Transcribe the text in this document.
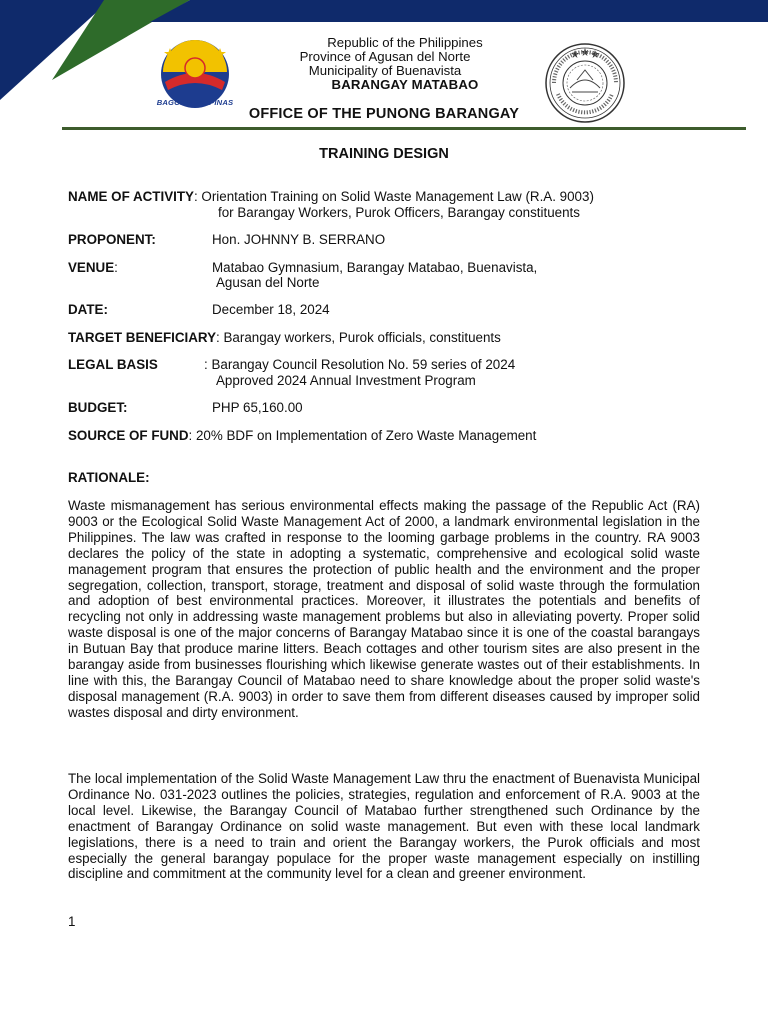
BAGONG PILIPINAS
Republic of the Philippines
Province of Agusan del Norte
Municipality of Buenavista
BARANGAY MATABAO
OFFICE OF THE PUNONG BARANGAY
TRAINING DESIGN
NAME OF ACTIVITY: Orientation Training on Solid Waste Management Law (R.A. 9003)
for Barangay Workers, Purok Officers, Barangay constituents
PROPONENT:	Hon. JOHNNY B. SERRANO
VENUE:	Matabao Gymnasium, Barangay Matabao, Buenavista,
Agusan del Norte
DATE:	December 18, 2024
TARGET BENEFICIARY: Barangay workers, Purok officials, constituents
LEGAL BASIS	: Barangay Council Resolution No. 59 series of 2024
Approved 2024 Annual Investment Program
BUDGET:	PHP 65,160.00
SOURCE OF FUND: 20% BDF on Implementation of Zero Waste Management
RATIONALE:
Waste mismanagement has serious environmental effects making the passage of the Republic Act (RA) 9003 or the Ecological Solid Waste Management Act of 2000, a landmark environmental legislation in the Philippines. The law was crafted in response to the looming garbage problems in the country. RA 9003 declares the policy of the state in adopting a systematic, comprehensive and ecological solid waste management program that ensures the protection of public health and the environment and the proper segregation, collection, transport, storage, treatment and disposal of solid waste through the formulation and adoption of best environmental practices. Moreover, it illustrates the potentials and benefits of recycling not only in addressing waste management problems but also in alleviating poverty. Proper solid waste disposal is one of the major concerns of Barangay Matabao since it is one of the coastal barangays in Butuan Bay that produce marine litters. Beach cottages and other tourism sites are also present in the barangay aside from businesses flourishing which likewise generate wastes out of their establishments. In line with this, the Barangay Council of Matabao need to share knowledge about the proper solid waste's disposal management (R.A. 9003) in order to save them from different diseases caused by improper solid wastes disposal and dirty environment.
The local implementation of the Solid Waste Management Law thru the enactment of Buenavista Municipal Ordinance No. 031-2023 outlines the policies, strategies, regulation and enforcement of R.A. 9003 at the local level. Likewise, the Barangay Council of Matabao further strengthened such Ordinance by the enactment of Barangay Ordinance on solid waste management. But even with these local landmark legislations, there is a need to train and orient the Barangay workers, the Purok officials and most especially the general barangay populace for the proper waste management especially on instilling discipline and commitment at the community level for a clean and greener environment.
1
